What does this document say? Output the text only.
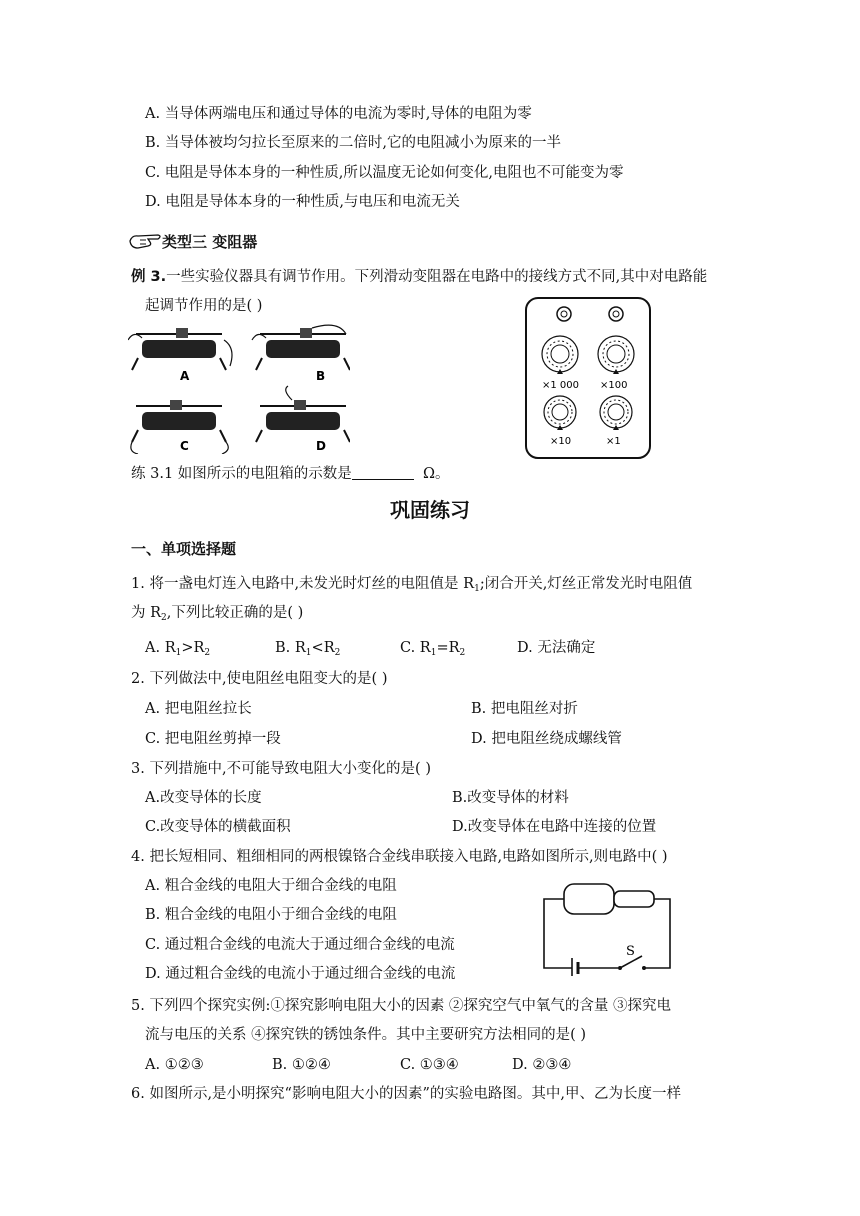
A. 当导体两端电压和通过导体的电流为零时,导体的电阻为零
B. 当导体被均匀拉长至原来的二倍时,它的电阻减小为原来的一半
C. 电阻是导体本身的一种性质,所以温度无论如何变化,电阻也不可能变为零
D. 电阻是导体本身的一种性质,与电压和电流无关
类型三 变阻器
例 3.一些实验仪器具有调节作用。下列滑动变阻器在电路中的接线方式不同,其中对电路能
起调节作用的是( )
A	B
C	D
×1 000 ×100
×10	×1
练 3.1 如图所示的电阻箱的示数是	Ω。
巩固练习
一、单项选择题
1. 将一盏电灯连入电路中,未发光时灯丝的电阻值是 $R_1$;闭合开关,灯丝正常发光时电阻值
为 $R_2$,下列比较正确的是( )
A. $R_1>R_2$	B. $R_1<R_2$	C. $R_1=R_2$	D. 无法确定
2. 下列做法中,使电阻丝电阻变大的是( )
A. 把电阻丝拉长	B. 把电阻丝对折
C. 把电阻丝剪掉一段	D. 把电阻丝绕成螺线管
3. 下列措施中,不可能导致电阻大小变化的是( )
A.改变导体的长度	B.改变导体的材料
C.改变导体的横截面积	D.改变导体在电路中连接的位置
4. 把长短相同、粗细相同的两根镍铬合金线串联接入电路,电路如图所示,则电路中( )
A. 粗合金线的电阻大于细合金线的电阻
B. 粗合金线的电阻小于细合金线的电阻
C. 通过粗合金线的电流大于通过细合金线的电流
D. 通过粗合金线的电流小于通过细合金线的电流
S
5. 下列四个探究实例:①探究影响电阻大小的因素 ②探究空气中氧气的含量 ③探究电
流与电压的关系 ④探究铁的锈蚀条件。其中主要研究方法相同的是( )
A. ①②③	B. ①②④	C. ①③④	D. ②③④
6. 如图所示,是小明探究“影响电阻大小的因素”的实验电路图。其中,甲、乙为长度一样
